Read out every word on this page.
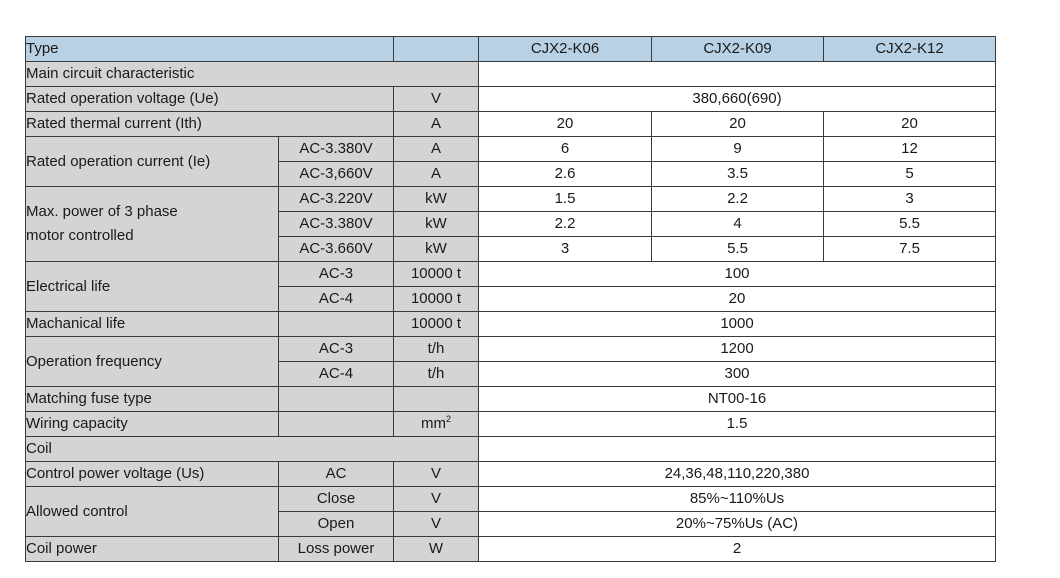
Type			CJX2-K06	CJX2-K09	CJX2-K12
Main circuit characteristic					
Rated operation voltage (Ue)		V	380,660(690)		
Rated thermal current (Ith)		A	20	20	20
Rated operation current (Ie)	AC-3.380V	A	6	9	12
	AC-3,660V	A	2.6	3.5	5

Max. power of 3 phase
motor controlled	AC-3.220V	kW	1.5	2.2	3
	AC-3.380V	kW	2.2	4	5.5
	AC-3.660V	kW	3	5.5	7.5
Electrical life	AC-3	10000 t	100		
	AC-4	10000 t	20		
Machanical life		10000 t	1000		
Operation frequency	AC-3	t/h	1200		
	AC-4	t/h	300		
Matching fuse type			NT00-16		
Wiring capacity		$mm^2$	1.5		
Coil					
Control power voltage (Us)	AC	V	24,36,48,110,220,380		
Allowed control	Close	V	85%~110%Us		
	Open	V	20%~75%Us (AC)		
Coil power	Loss power	W	2		
